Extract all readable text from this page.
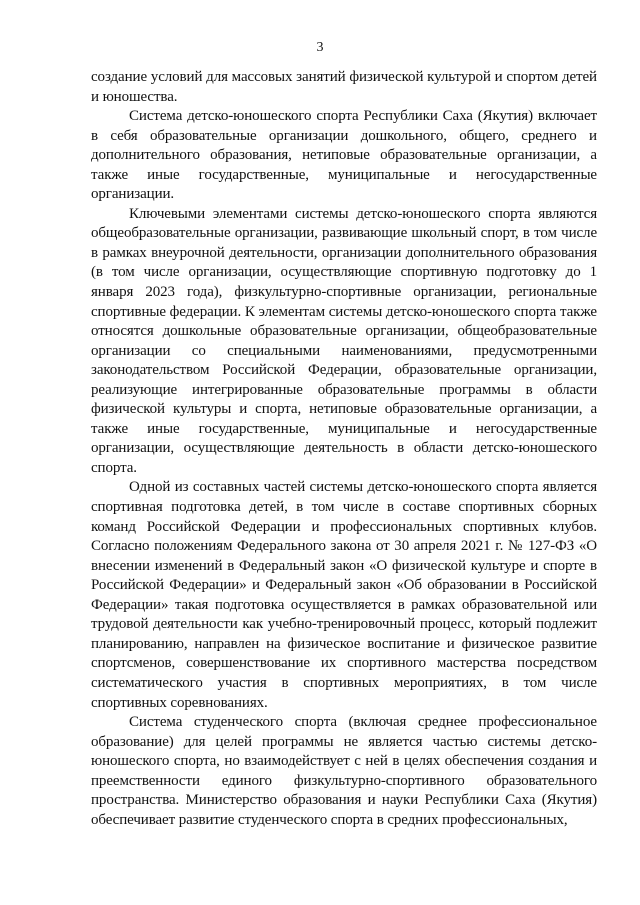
3

создание условий для массовых занятий физической культурой и спортом детей и юношества.

Система детско-юношеского спорта Республики Саха (Якутия) включает в себя образовательные организации дошкольного, общего, среднего и дополнительного образования, нетиповые образовательные организации, а также иные государственные, муниципальные и негосударственные организации.

Ключевыми элементами системы детско-юношеского спорта являются общеобразовательные организации, развивающие школьный спорт, в том числе в рамках внеурочной деятельности, организации дополнительного образования (в том числе организации, осуществляющие спортивную подготовку до 1 января 2023 года), физкультурно-спортивные организации, региональные спортивные федерации. К элементам системы детско-юношеского спорта также относятся дошкольные образовательные организации, общеобразовательные организации со специальными наименованиями, предусмотренными законодательством Российской Федерации, образовательные организации, реализующие интегрированные образовательные программы в области физической культуры и спорта, нетиповые образовательные организации, а также иные государственные, муниципальные и негосударственные организации, осуществляющие деятельность в области детско-юношеского спорта.

Одной из составных частей системы детско-юношеского спорта является спортивная подготовка детей, в том числе в составе спортивных сборных команд Российской Федерации и профессиональных спортивных клубов. Согласно положениям Федерального закона от 30 апреля 2021 г. № 127-ФЗ «О внесении изменений в Федеральный закон «О физической культуре и спорте в Российской Федерации» и Федеральный закон «Об образовании в Российской Федерации» такая подготовка осуществляется в рамках образовательной или трудовой деятельности как учебно-тренировочный процесс, который подлежит планированию, направлен на физическое воспитание и физическое развитие спортсменов, совершенствование их спортивного мастерства посредством систематического участия в спортивных мероприятиях, в том числе спортивных соревнованиях.

Система студенческого спорта (включая среднее профессиональное образование) для целей программы не является частью системы детско-юношеского спорта, но взаимодействует с ней в целях обеспечения создания и преемственности единого физкультурно-спортивного образовательного пространства. Министерство образования и науки Республики Саха (Якутия) обеспечивает развитие студенческого спорта в средних профессиональных,
